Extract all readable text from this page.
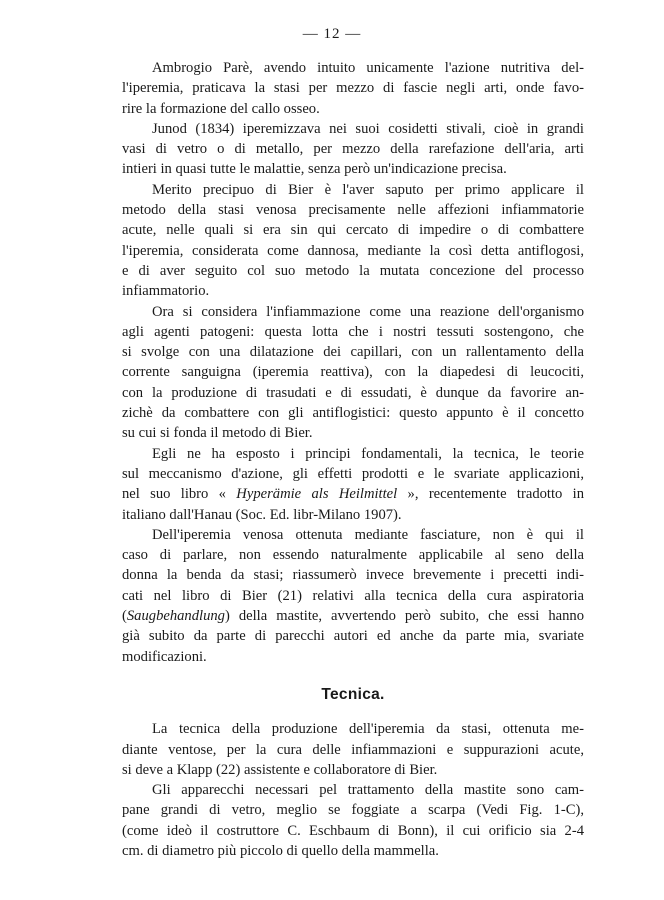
— 12 —

Ambrogio Parè, avendo intuito unicamente l'azione nutritiva del-
l'iperemia, praticava la stasi per mezzo di fascie negli arti, onde favo-
rire la formazione del callo osseo.

Junod (1834) iperemizzava nei suoi cosidetti stivali, cioè in grandi
vasi di vetro o di metallo, per mezzo della rarefazione dell'aria, arti
intieri in quasi tutte le malattie, senza però un'indicazione precisa.

Merito precipuo di Bier è l'aver saputo per primo applicare il
metodo della stasi venosa precisamente nelle affezioni infiammatorie
acute, nelle quali si era sin qui cercato di impedire o di combattere
l'iperemia, considerata come dannosa, mediante la così detta antiflogosi,
e di aver seguito col suo metodo la mutata concezione del processo
infiammatorio.

Ora si considera l'infiammazione come una reazione dell'organismo
agli agenti patogeni: questa lotta che i nostri tessuti sostengono, che
si svolge con una dilatazione dei capillari, con un rallentamento della
corrente sanguigna (iperemia reattiva), con la diapedesi di leucociti,
con la produzione di trasudati e di essudati, è dunque da favorire an-
zichè da combattere con gli antiflogistici: questo appunto è il concetto
su cui si fonda il metodo di Bier.

Egli ne ha esposto i principi fondamentali, la tecnica, le teorie
sul meccanismo d'azione, gli effetti prodotti e le svariate applicazioni,
nel suo libro « Hyperämie als Heilmittel », recentemente tradotto in
italiano dall'Hanau (Soc. Ed. libr-Milano 1907).

Dell'iperemia venosa ottenuta mediante fasciature, non è qui il
caso di parlare, non essendo naturalmente applicabile al seno della
donna la benda da stasi; riassumerò invece brevemente i precetti indi-
cati nel libro di Bier (21) relativi alla tecnica della cura aspiratoria
(Saugbehandlung) della mastite, avvertendo però subito, che essi hanno
già subito da parte di parecchi autori ed anche da parte mia, svariate
modificazioni.

Tecnica.

La tecnica della produzione dell'iperemia da stasi, ottenuta me-
diante ventose, per la cura delle infiammazioni e suppurazioni acute,
si deve a Klapp (22) assistente e collaboratore di Bier.

Gli apparecchi necessari pel trattamento della mastite sono cam-
pane grandi di vetro, meglio se foggiate a scarpa (Vedi Fig. 1-C),
(come ideò il costruttore C. Eschbaum di Bonn), il cui orificio sia 2-4
cm. di diametro più piccolo di quello della mammella.
